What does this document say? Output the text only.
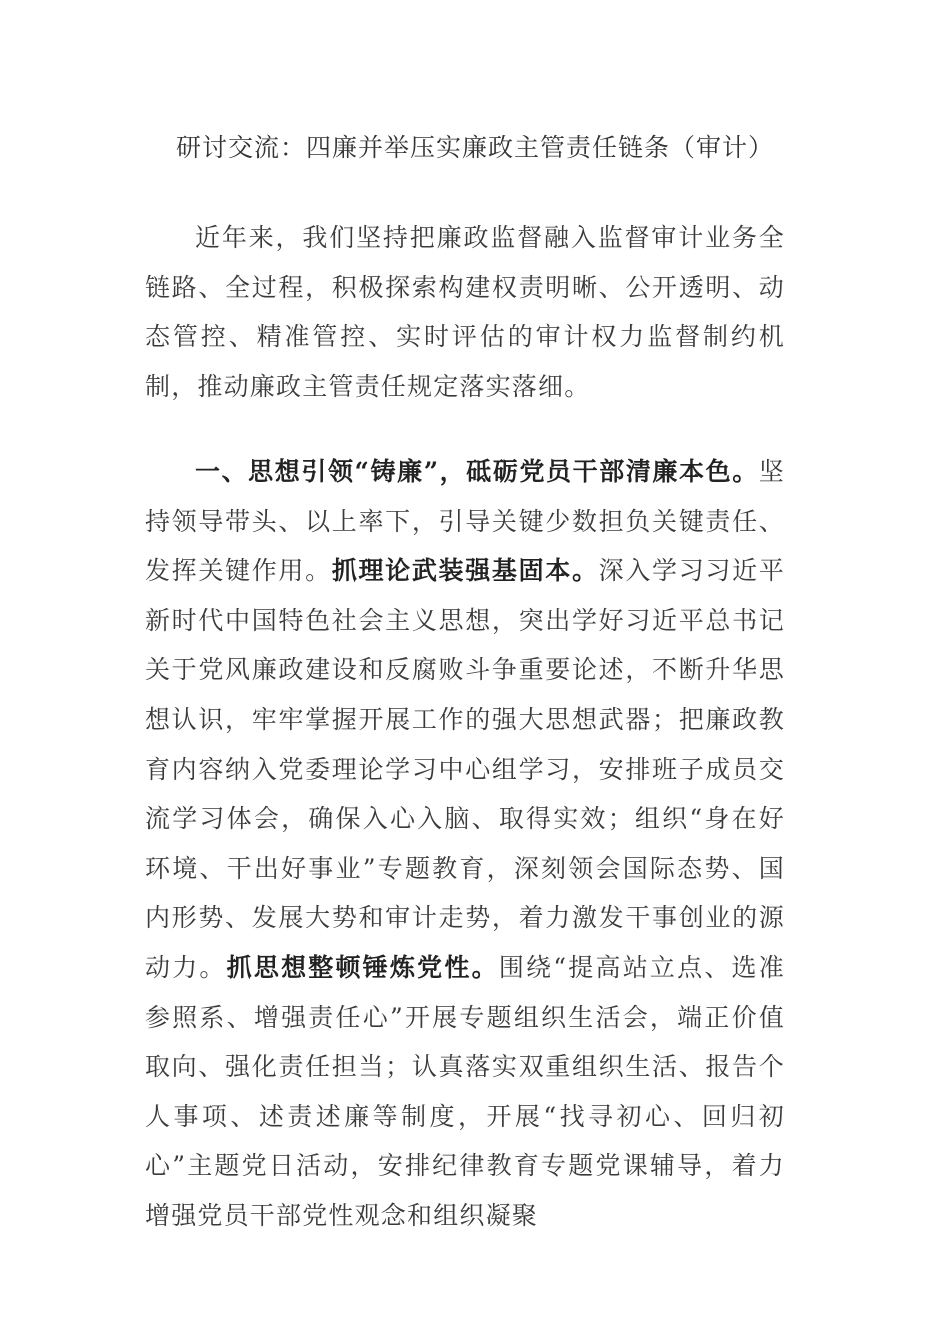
研讨交流：四廉并举压实廉政主管责任链条（审计）

近年来，我们坚持把廉政监督融入监督审计业务全链路、全过程，积极探索构建权责明晰、公开透明、动态管控、精准管控、实时评估的审计权力监督制约机制，推动廉政主管责任规定落实落细。

一、思想引领“铸廉”，砥砺党员干部清廉本色。坚持领导带头、以上率下，引导关键少数担负关键责任、发挥关键作用。抓理论武装强基固本。深入学习习近平新时代中国特色社会主义思想，突出学好习近平总书记关于党风廉政建设和反腐败斗争重要论述，不断升华思想认识，牢牢掌握开展工作的强大思想武器；把廉政教育内容纳入党委理论学习中心组学习，安排班子成员交流学习体会，确保入心入脑、取得实效；组织“身在好环境、干出好事业”专题教育，深刻领会国际态势、国内形势、发展大势和审计走势，着力激发干事创业的源动力。抓思想整顿锤炼党性。围绕“提高站立点、选准参照系、增强责任心”开展专题组织生活会，端正价值取向、强化责任担当；认真落实双重组织生活、报告个人事项、述责述廉等制度，开展“找寻初心、回归初心”主题党日活动，安排纪律教育专题党课辅导，着力增强党员干部党性观念和组织凝聚
